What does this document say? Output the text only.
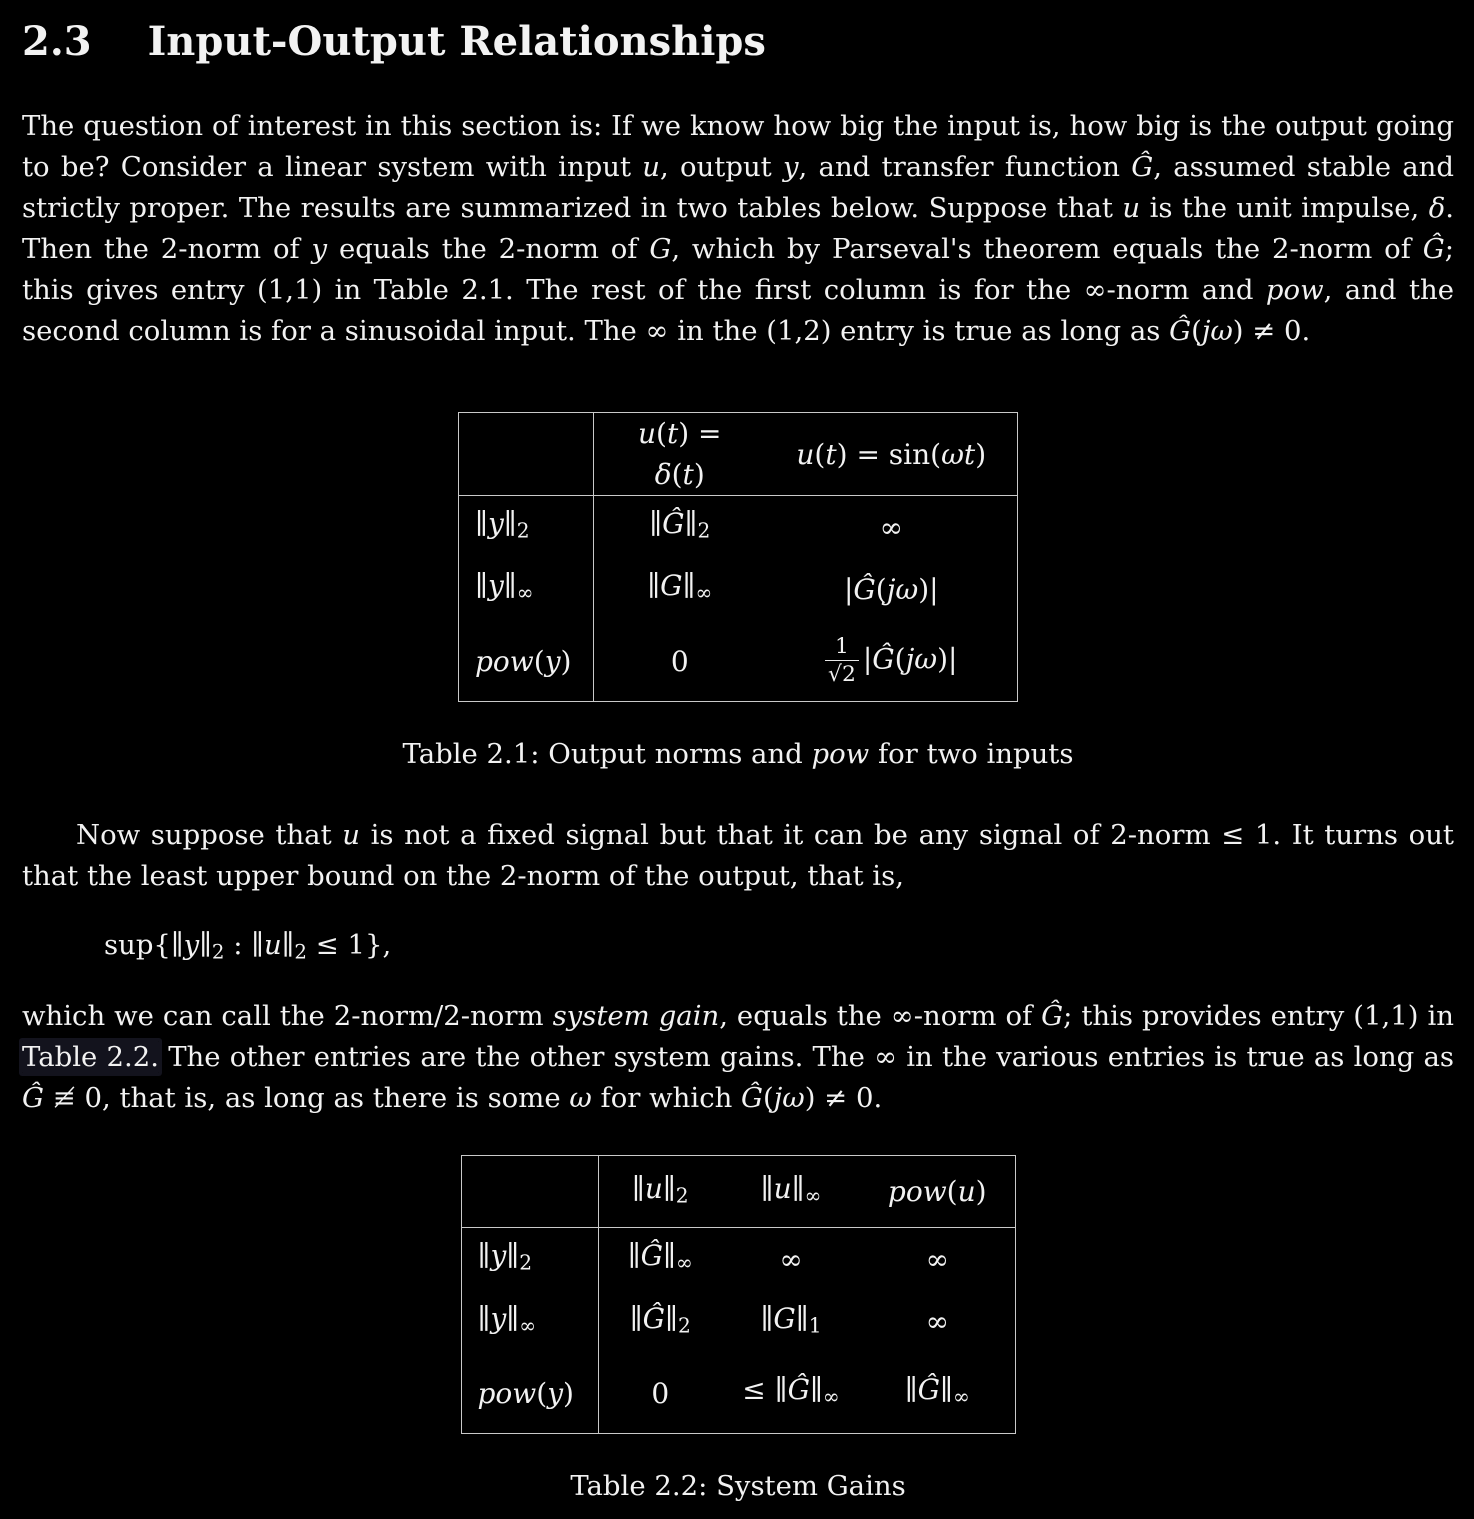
2.3 Input-Output Relationships
The question of interest in this section is: If we know how big the input is, how big is the output going to be? Consider a linear system with input u, output y, and transfer function Ĝ, assumed stable and strictly proper. The results are summarized in two tables below. Suppose that u is the unit impulse, δ. Then the 2-norm of y equals the 2-norm of G, which by Parseval's theorem equals the 2-norm of Ĝ; this gives entry (1,1) in Table 2.1. The rest of the first column is for the ∞-norm and pow, and the second column is for a sinusoidal input. The ∞ in the (1,2) entry is true as long as Ĝ(jω) ≠ 0.
	u(t) = δ(t)	u(t) = sin(ωt)
∥y∥2	∥Ĝ∥2	∞
∥y∥∞	∥G∥∞	|Ĝ(jω)|
pow(y)	0	$\frac{1}{√2}$ |Ĝ(jω)|
Table 2.1: Output norms and pow for two inputs
Now suppose that u is not a fixed signal but that it can be any signal of 2-norm ≤ 1. It turns out that the least upper bound on the 2-norm of the output, that is,
sup{∥y∥2 : ∥u∥2 ≤ 1},
which we can call the 2-norm/2-norm system gain, equals the ∞-norm of Ĝ; this provides entry (1,1) in Table 2.2. The other entries are the other system gains. The ∞ in the various entries is true as long as Ĝ ≢ 0, that is, as long as there is some ω for which Ĝ(jω) ≠ 0.
	∥u∥2	∥u∥∞	pow(u)
∥y∥2	∥Ĝ∥∞	∞	∞
∥y∥∞	∥Ĝ∥2	∥G∥1	∞
pow(y)	0	≤ ∥Ĝ∥∞	∥Ĝ∥∞
Table 2.2: System Gains
